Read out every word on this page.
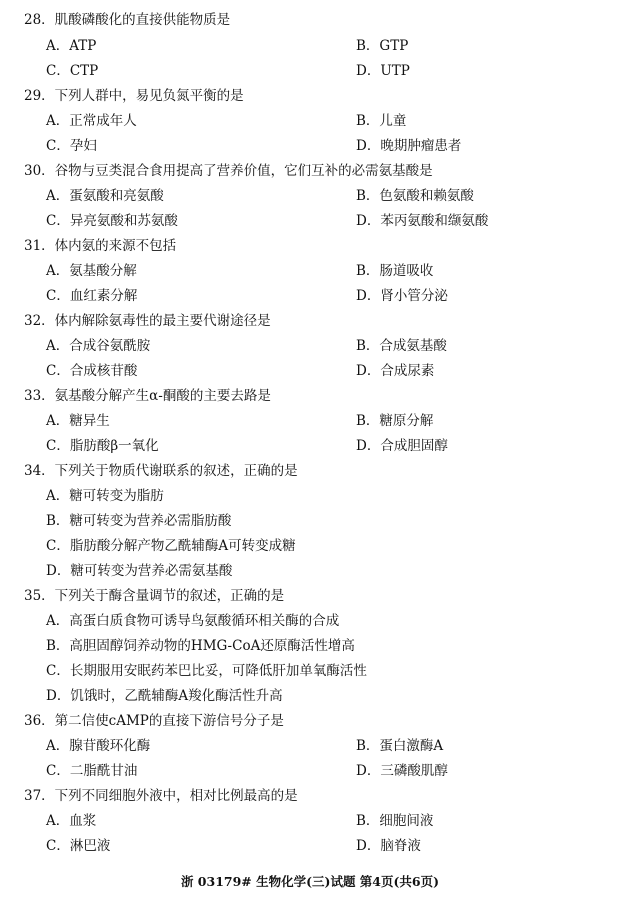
28．肌酸磷酸化的直接供能物质是
A．ATP	B．GTP
C．CTP	D．UTP
29．下列人群中，易见负氮平衡的是
A．正常成年人	B．儿童
C．孕妇	D．晚期肿瘤患者
30．谷物与豆类混合食用提高了营养价值，它们互补的必需氨基酸是
A．蛋氨酸和亮氨酸	B．色氨酸和赖氨酸
C．异亮氨酸和苏氨酸	D．苯丙氨酸和缬氨酸
31．体内氨的来源不包括
A．氨基酸分解	B．肠道吸收
C．血红素分解	D．肾小管分泌
32．体内解除氨毒性的最主要代谢途径是
A．合成谷氨酰胺	B．合成氨基酸
C．合成核苷酸	D．合成尿素
33．氨基酸分解产生α-酮酸的主要去路是
A．糖异生	B．糖原分解
C．脂肪酸β一氧化	D．合成胆固醇
34．下列关于物质代谢联系的叙述，正确的是
A．糖可转变为脂肪
B．糖可转变为营养必需脂肪酸
C．脂肪酸分解产物乙酰辅酶A可转变成糖
D．糖可转变为营养必需氨基酸
35．下列关于酶含量调节的叙述，正确的是
A．高蛋白质食物可诱导鸟氨酸循环相关酶的合成
B．高胆固醇饲养动物的HMG-CoA还原酶活性增高
C．长期服用安眠药苯巴比妥，可降低肝加单氧酶活性
D．饥饿时，乙酰辅酶A羧化酶活性升高
36．第二信使cAMP的直接下游信号分子是
A．腺苷酸环化酶	B．蛋白激酶A
C．二脂酰甘油	D．三磷酸肌醇
37．下列不同细胞外液中，相对比例最高的是
A．血浆	B．细胞间液
C．淋巴液	D．脑脊液
浙 03179# 生物化学(三)试题 第4页(共6页)
